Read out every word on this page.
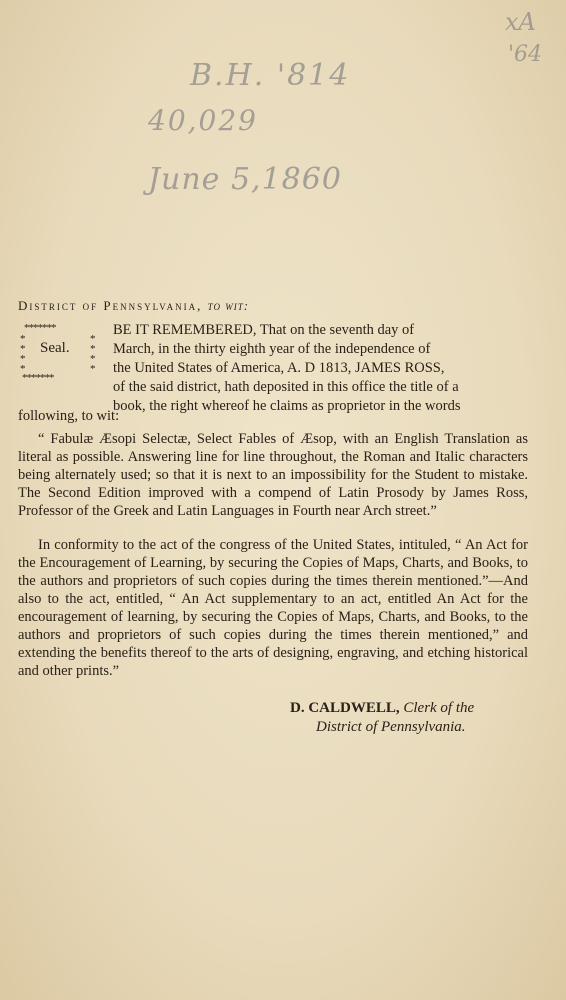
xA
'64
B.H. '814
40,029
June 5,1860
District of Pennsylvania, to wit:
*******
*
*
*
*
Seal.
*
*
*
*
*******
BE IT REMEMBERED, That on the seventh day of
March, in the thirty eighth year of the independence of
the United States of America, A. D 1813, JAMES ROSS,
of the said district, hath deposited in this office the title of a
book, the right whereof he claims as proprietor in the words
following, to wit:
“ Fabulæ Æsopi Selectæ, Select Fables of Æsop, with an English Translation as literal as possible. Answering line for line throughout, the Roman and Italic characters being alternately used; so that it is next to an impossibility for the Student to mistake. The Second Edition improved with a compend of Latin Prosody by James Ross, Professor of the Greek and Latin Languages in Fourth near Arch street.”
In conformity to the act of the congress of the United States, intituled, “ An Act for the Encouragement of Learning, by securing the Copies of Maps, Charts, and Books, to the authors and proprietors of such copies during the times therein mentioned.”—And also to the act, entitled, “ An Act supplementary to an act, entitled An Act for the encouragement of learning, by securing the Copies of Maps, Charts, and Books, to the authors and proprietors of such copies during the times therein mentioned,” and extending the benefits thereof to the arts of designing, engraving, and etching historical and other prints.”
D. CALDWELL, Clerk of the
District of Pennsylvania.
